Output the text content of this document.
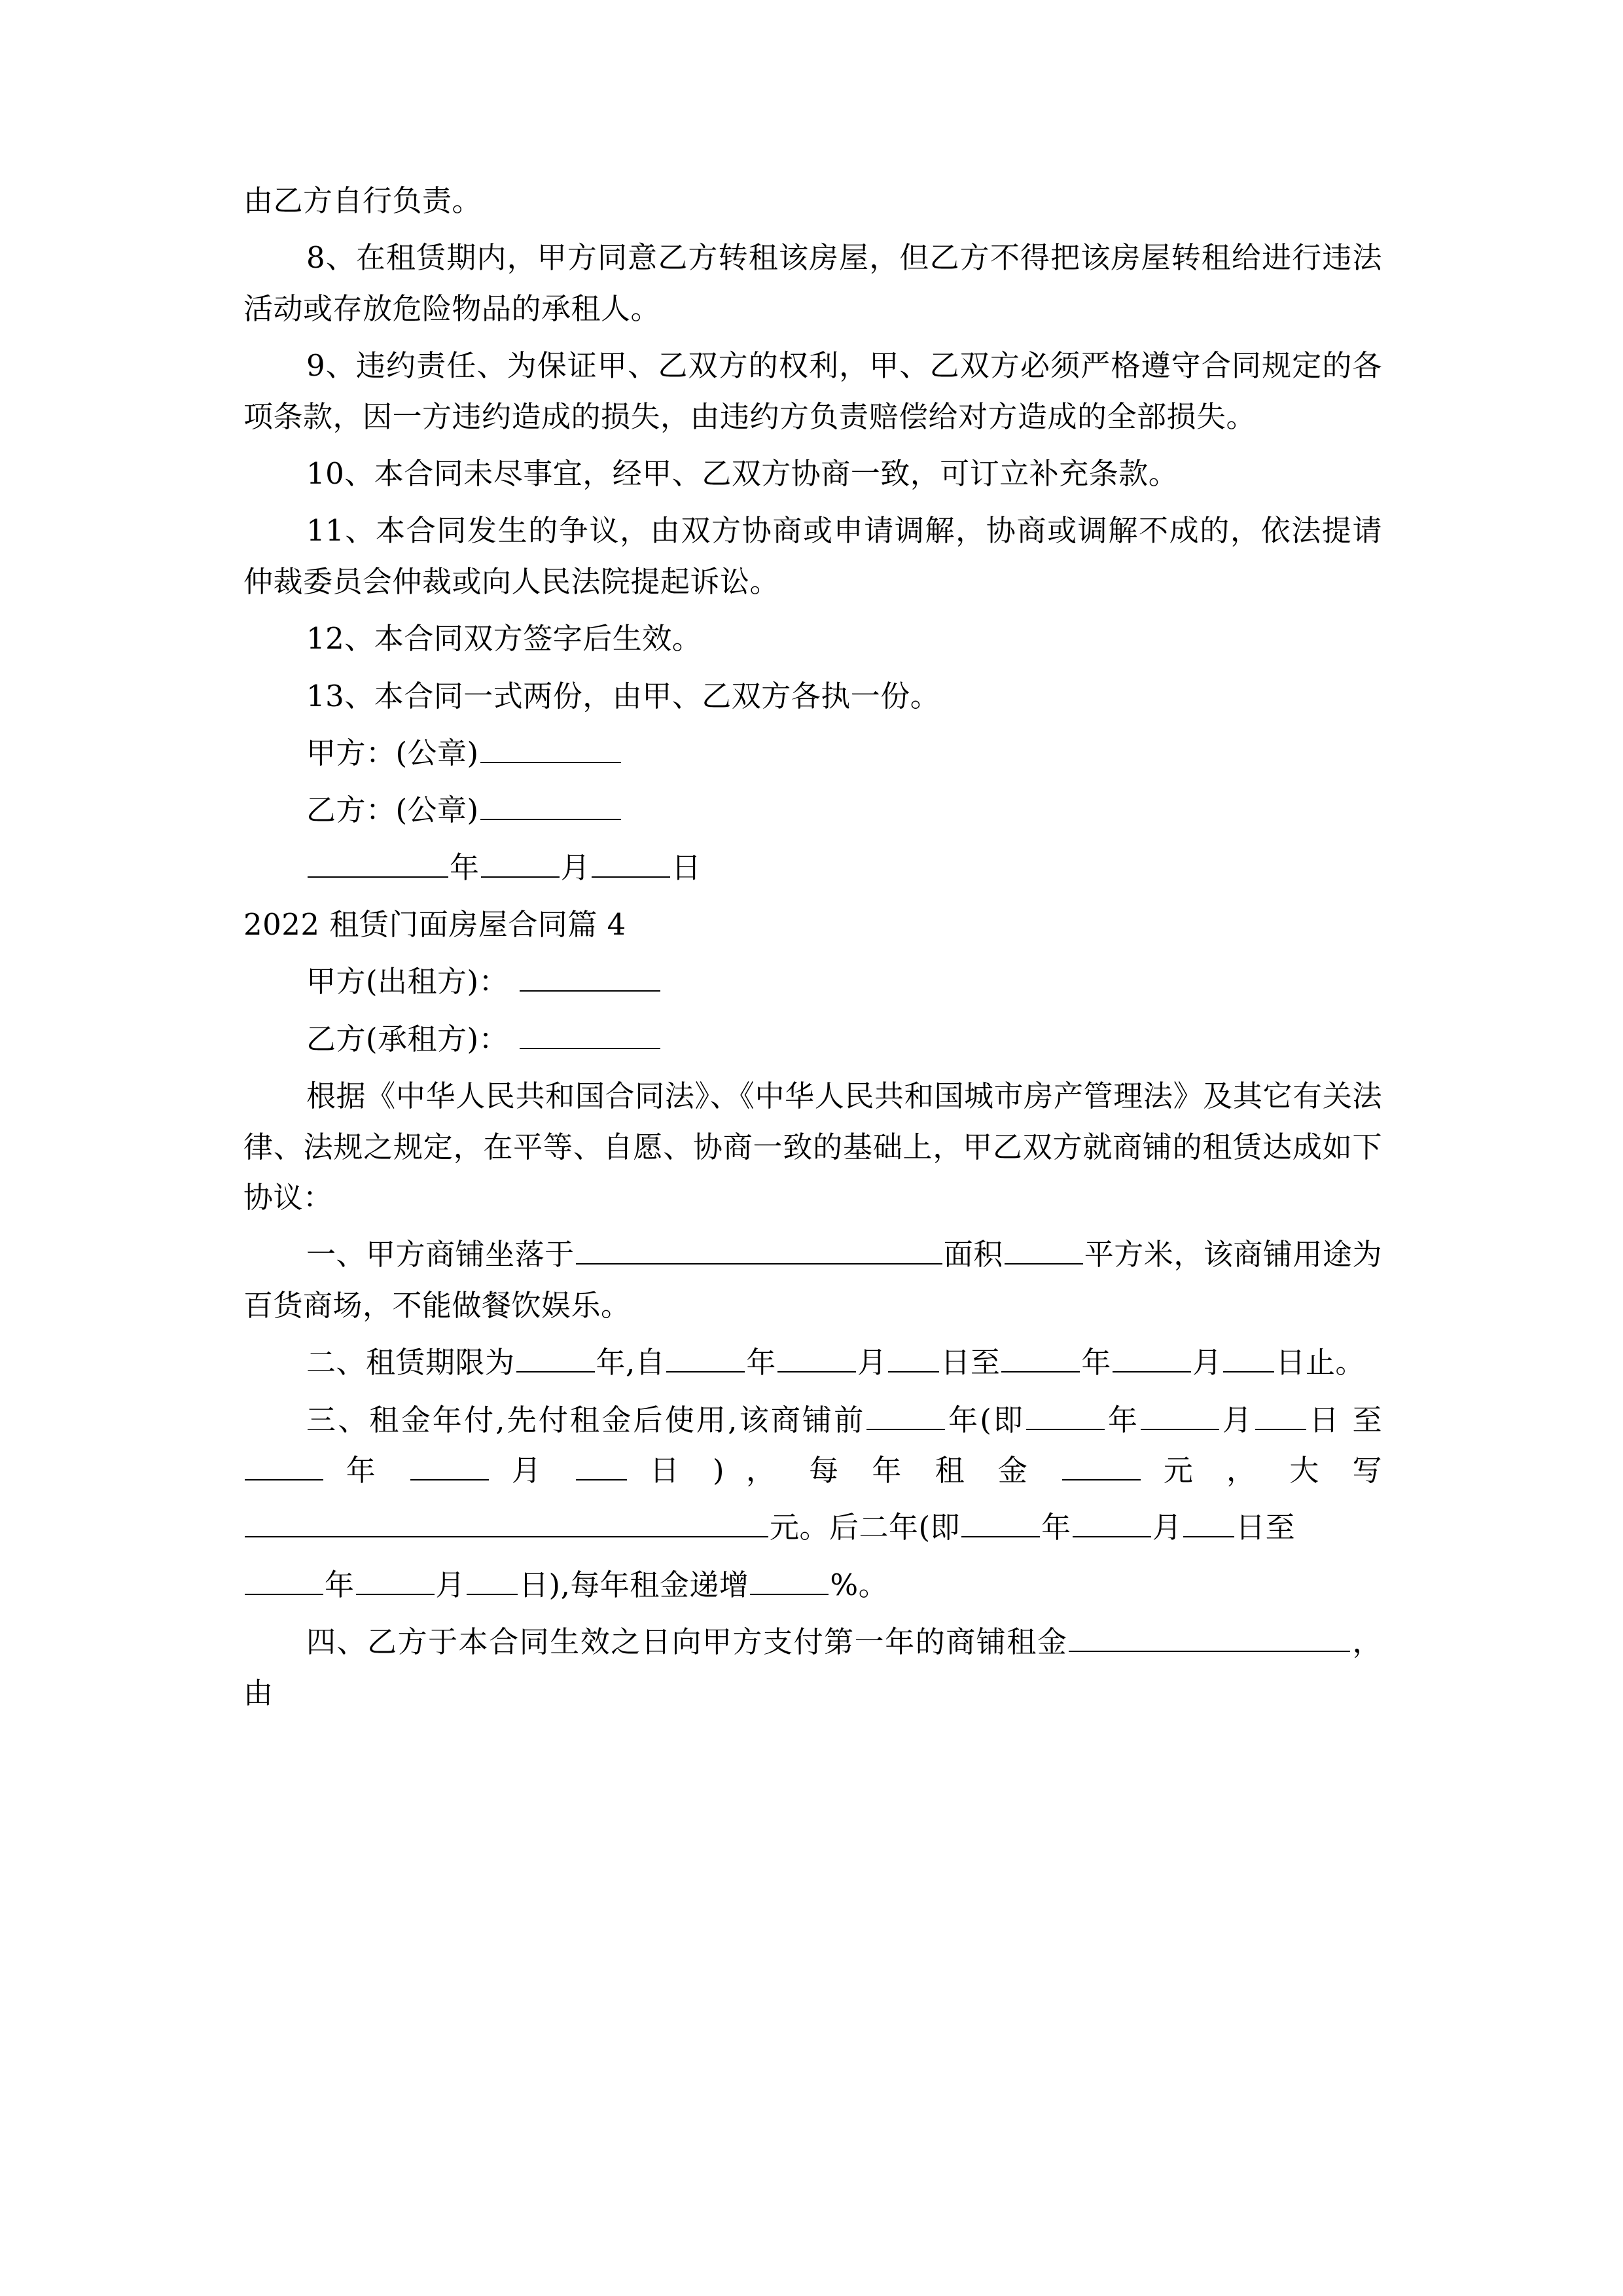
由乙方自行负责。

8、在租赁期内，甲方同意乙方转租该房屋，但乙方不得把该房屋转租给进行违法活动或存放危险物品的承租人。

9、违约责任、为保证甲、乙双方的权利，甲、乙双方必须严格遵守合同规定的各项条款，因一方违约造成的损失，由违约方负责赔偿给对方造成的全部损失。

10、本合同未尽事宜，经甲、乙双方协商一致，可订立补充条款。

11、本合同发生的争议，由双方协商或申请调解，协商或调解不成的，依法提请仲裁委员会仲裁或向人民法院提起诉讼。

12、本合同双方签字后生效。

13、本合同一式两份，由甲、乙双方各执一份。

甲方：(公章)

乙方：(公章)

年	月	日

2022 租赁门面房屋合同篇 4

甲方(出租方)：

乙方(承租方)：

根据《中华人民共和国合同法》、《中华人民共和国城市房产管理法》及其它有关法律、法规之规定，在平等、自愿、协商一致的基础上，甲乙双方就商铺的租赁达成如下协议：

一、甲方商铺坐落于	面积	平方米，该商铺用途为百货商场，不能做餐饮娱乐。

二、租赁期限为	年,自	年	月 日至	年	月 日止。

三、租金年付,先付租金后使用,该商铺前	年(即	年	月 日 至  年	月  日 ) ， 每 年 租 金	元 ， 大 写

元。后二年(即	年	月 日至

年	月 日),每年租金递增	%。

四、乙方于本合同生效之日向甲方支付第一年的商铺租金	，由
